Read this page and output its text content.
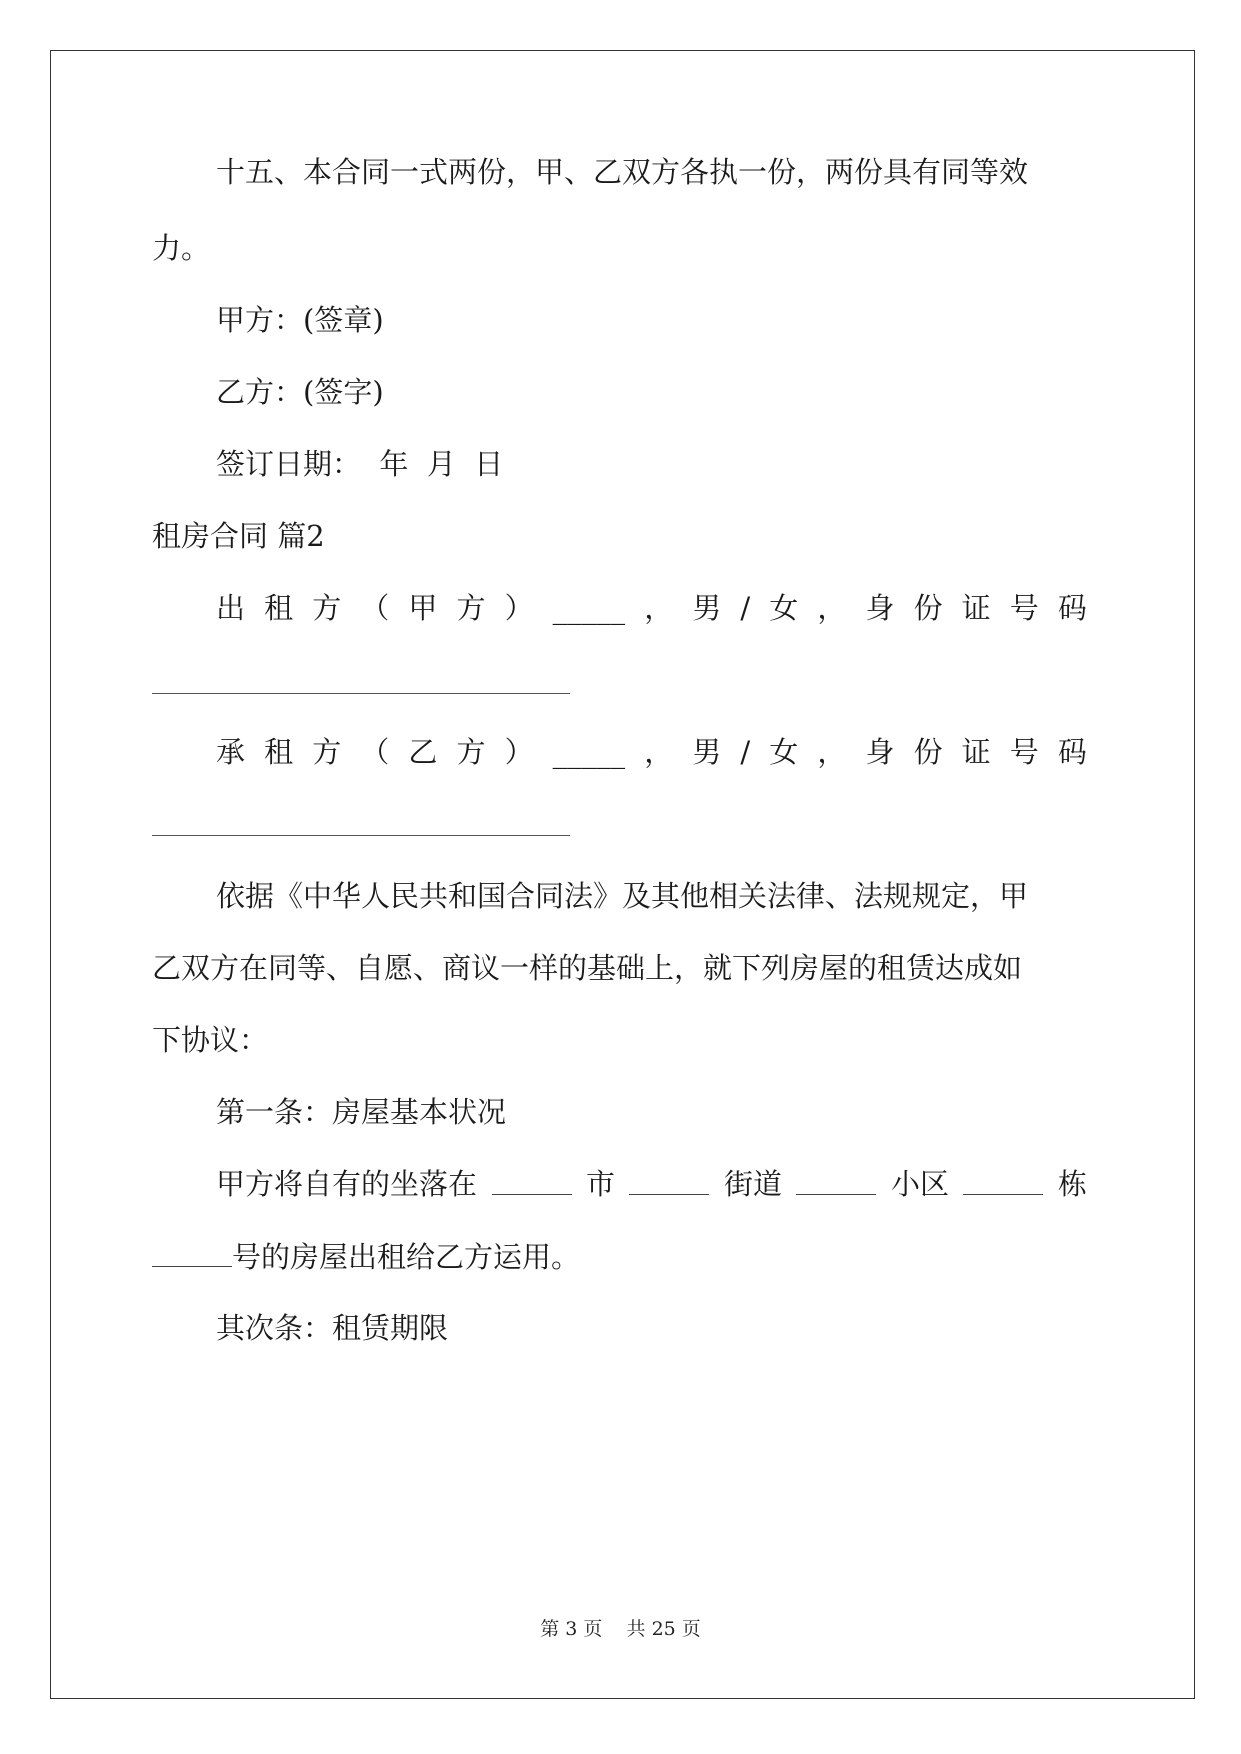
十五、本合同一式两份，甲、乙双方各执一份，两份具有同等效
力。
甲方：(签章)
乙方：(签字)
签订日期：  年  月  日
租房合同 篇2
出 租 方 （ 甲 方 ） _____ ， 男 / 女 ， 身 份 证 号 码
承 租 方 （ 乙 方 ） _____ ， 男 / 女 ， 身 份 证 号 码
依据《中华人民共和国合同法》及其他相关法律、法规规定，甲
乙双方在同等、自愿、商议一样的基础上，就下列房屋的租赁达成如
下协议：
第一条：房屋基本状况
甲方将自有的坐落在	市	街道	小区	栋
号的房屋出租给乙方运用。
其次条：租赁期限
第 3 页    共 25 页
